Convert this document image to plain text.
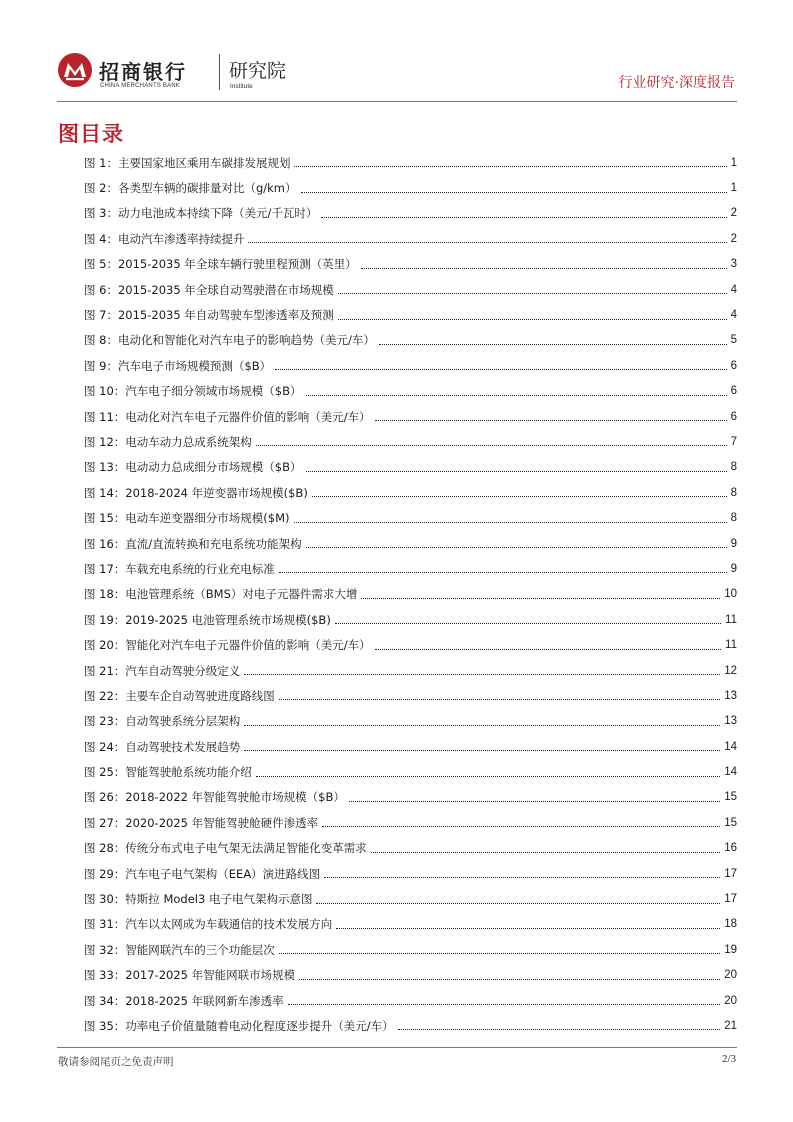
招商银行
CHINA MERCHANTS BANK
研究院
Institute	行业研究·深度报告
图目录
图 1：主要国家地区乘用车碳排发展规划	1
图 2：各类型车辆的碳排量对比（g/km）	1
图 3：动力电池成本持续下降（美元/千瓦时）	2
图 4：电动汽车渗透率持续提升	2
图 5：2015-2035 年全球车辆行驶里程预测（英里）	3
图 6：2015-2035 年全球自动驾驶潜在市场规模	4
图 7：2015-2035 年自动驾驶车型渗透率及预测	4
图 8：电动化和智能化对汽车电子的影响趋势（美元/车）	5
图 9：汽车电子市场规模预测（$B）	6
图 10：汽车电子细分领域市场规模（$B）	6
图 11：电动化对汽车电子元器件价值的影响（美元/车）	6
图 12：电动车动力总成系统架构	7
图 13：电动动力总成细分市场规模（$B）	8
图 14：2018-2024 年逆变器市场规模($B)	8
图 15：电动车逆变器细分市场规模($M)	8
图 16：直流/直流转换和充电系统功能架构	9
图 17：车载充电系统的行业充电标准	9
图 18：电池管理系统（BMS）对电子元器件需求大增	10
图 19：2019-2025 电池管理系统市场规模($B)	11
图 20：智能化对汽车电子元器件价值的影响（美元/车）	11
图 21：汽车自动驾驶分级定义	12
图 22：主要车企自动驾驶进度路线图	13
图 23：自动驾驶系统分层架构	13
图 24：自动驾驶技术发展趋势	14
图 25：智能驾驶舱系统功能介绍	14
图 26：2018-2022 年智能驾驶舱市场规模（$B）	15
图 27：2020-2025 年智能驾驶舱硬件渗透率	15
图 28：传统分布式电子电气架无法满足智能化变革需求	16
图 29：汽车电子电气架构（EEA）演进路线图	17
图 30：特斯拉 Model3 电子电气架构示意图	17
图 31：汽车以太网成为车载通信的技术发展方向	18
图 32：智能网联汽车的三个功能层次	19
图 33：2017-2025 年智能网联市场规模	20
图 34：2018-2025 年联网新车渗透率	20
图 35：功率电子价值量随着电动化程度逐步提升（美元/车）	21
敬请参阅尾页之免责声明	2/3
